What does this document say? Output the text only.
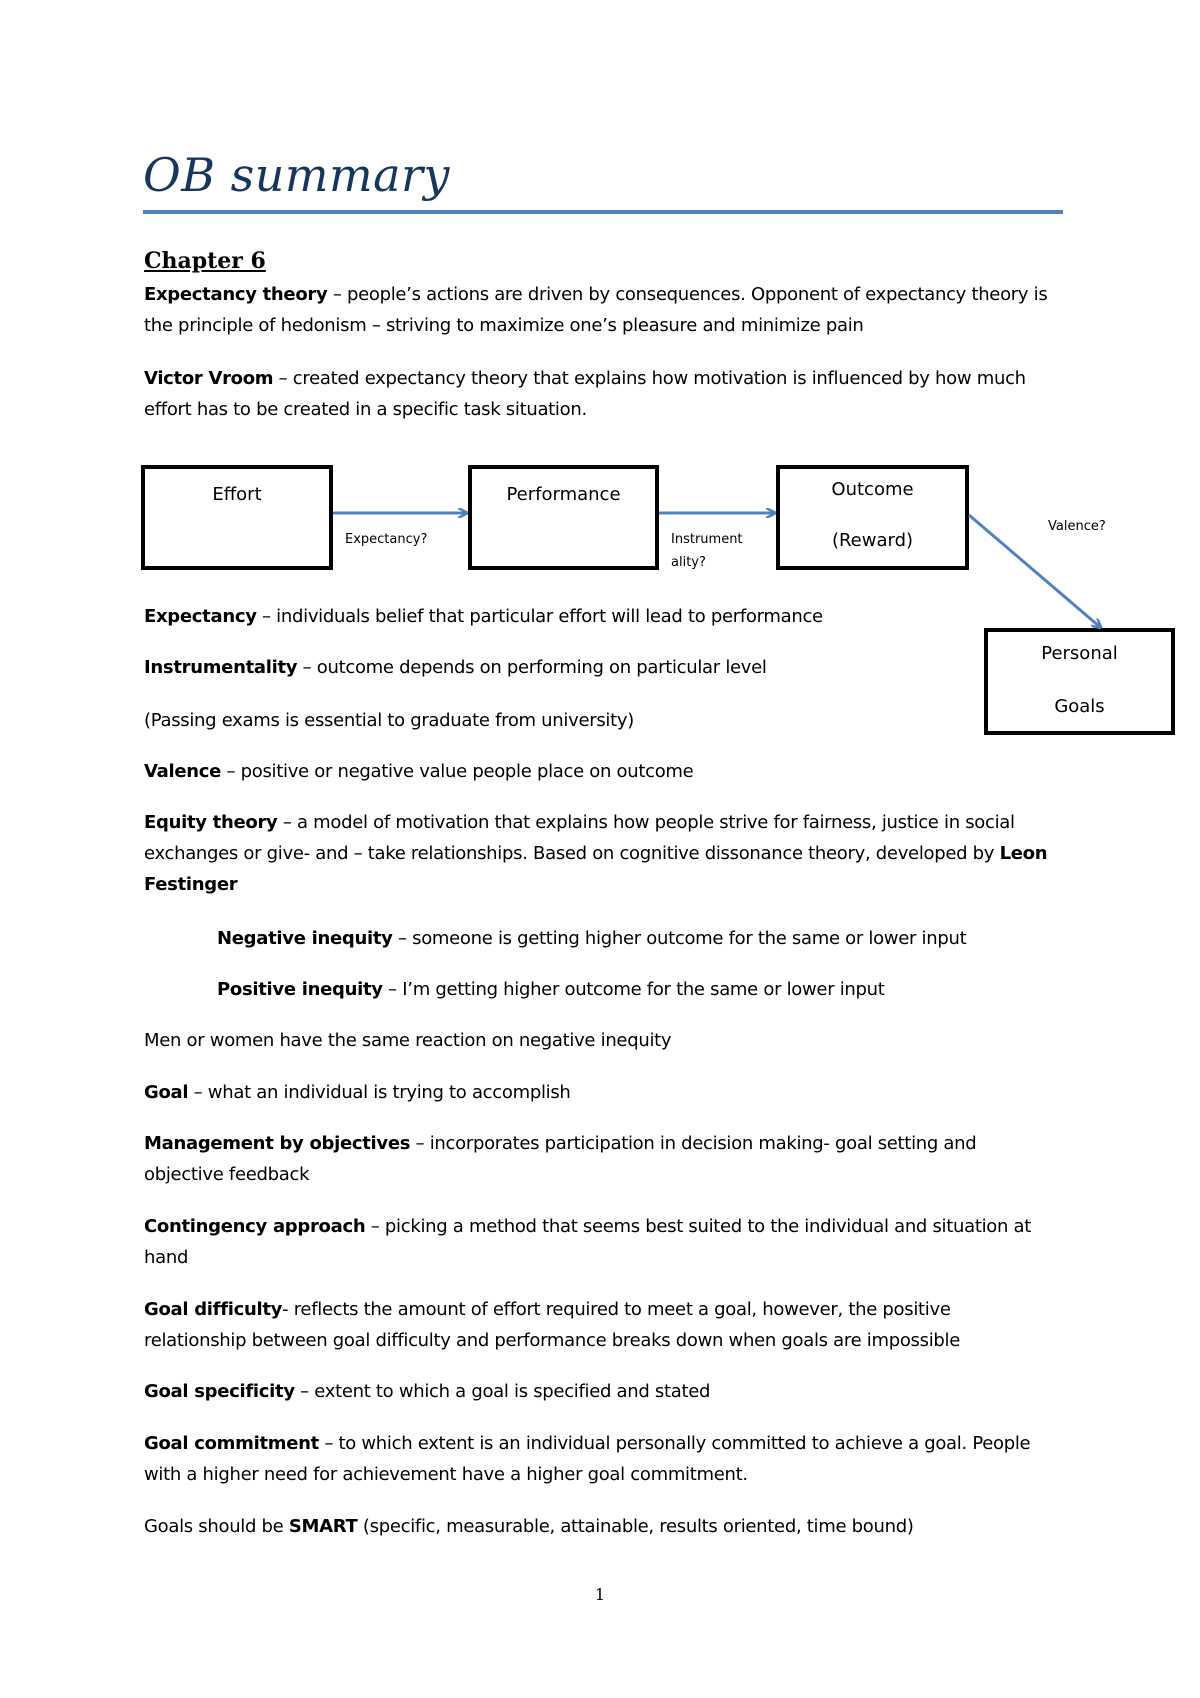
OB summary
Chapter 6
Expectancy theory – people’s actions are driven by consequences. Opponent of expectancy theory is
the principle of hedonism – striving to maximize one’s pleasure and minimize pain
Victor Vroom – created expectancy theory that explains how motivation is influenced by how much
effort has to be created in a specific task situation.
Effort	Performance	Outcome
(Reward)
Personal
Goals
Expectancy?	Instrument
ality?
Valence?
Expectancy – individuals belief that particular effort will lead to performance
Instrumentality – outcome depends on performing on particular level
(Passing exams is essential to graduate from university)
Valence – positive or negative value people place on outcome
Equity theory – a model of motivation that explains how people strive for fairness, justice in social
exchanges or give- and – take relationships. Based on cognitive dissonance theory, developed by Leon
Festinger
Negative inequity – someone is getting higher outcome for the same or lower input
Positive inequity – I’m getting higher outcome for the same or lower input
Men or women have the same reaction on negative inequity
Goal – what an individual is trying to accomplish
Management by objectives – incorporates participation in decision making- goal setting and
objective feedback
Contingency approach – picking a method that seems best suited to the individual and situation at
hand
Goal difficulty- reflects the amount of effort required to meet a goal, however, the positive
relationship between goal difficulty and performance breaks down when goals are impossible
Goal specificity – extent to which a goal is specified and stated
Goal commitment – to which extent is an individual personally committed to achieve a goal. People
with a higher need for achievement have a higher goal commitment.
Goals should be SMART (specific, measurable, attainable, results oriented, time bound)
1
